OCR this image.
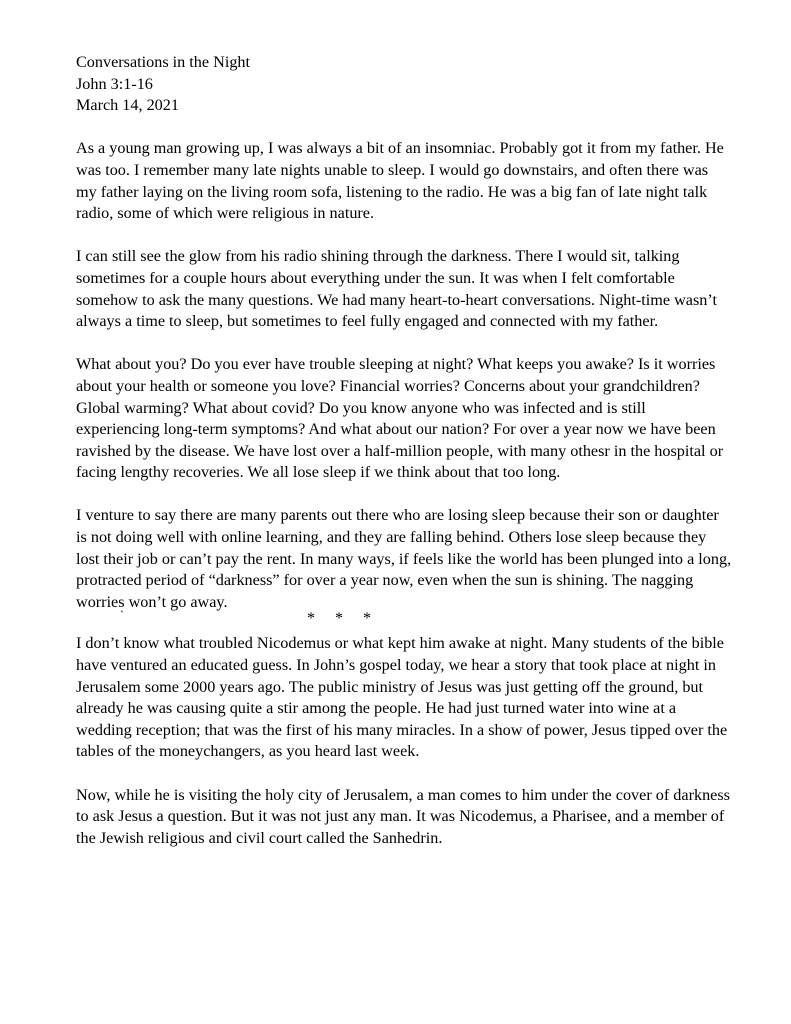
Conversations in the Night
John 3:1-16
March 14, 2021

As a young man growing up, I was always a bit of an insomniac. Probably got it from my father. He was too. I remember many late nights unable to sleep. I would go downstairs, and often there was my father laying on the living room sofa, listening to the radio. He was a big fan of late night talk radio, some of which were religious in nature.

I can still see the glow from his radio shining through the darkness. There I would sit, talking sometimes for a couple hours about everything under the sun. It was when I felt comfortable somehow to ask the many questions. We had many heart-to-heart conversations. Night-time wasn’t always a time to sleep, but sometimes to feel fully engaged and connected with my father.

What about you? Do you ever have trouble sleeping at night? What keeps you awake? Is it worries about your health or someone you love? Financial worries? Concerns about your grandchildren? Global warming? What about covid? Do you know anyone who was infected and is still experiencing long-term symptoms? And what about our nation? For over a year now we have been ravished by the disease. We have lost over a half-million people, with many othesr in the hospital or facing lengthy recoveries. We all lose sleep if we think about that too long.

I venture to say there are many parents out there who are losing sleep because their son or daughter is not doing well with online learning, and they are falling behind. Others lose sleep because they lost their job or can’t pay the rent. In many ways, if feels like the world has been plunged into a long, protracted period of “darkness” for over a year now, even when the sun is shining. The nagging worries won’t go away.

`	*     *     *

I don’t know what troubled Nicodemus or what kept him awake at night. Many students of the bible have ventured an educated guess. In John’s gospel today, we hear a story that took place at night in Jerusalem some 2000 years ago. The public ministry of Jesus was just getting off the ground, but already he was causing quite a stir among the people. He had just turned water into wine at a wedding reception; that was the first of his many miracles. In a show of power, Jesus tipped over the tables of the moneychangers, as you heard last week.

Now, while he is visiting the holy city of Jerusalem, a man comes to him under the cover of darkness to ask Jesus a question. But it was not just any man. It was Nicodemus, a Pharisee, and a member of the Jewish religious and civil court called the Sanhedrin.
